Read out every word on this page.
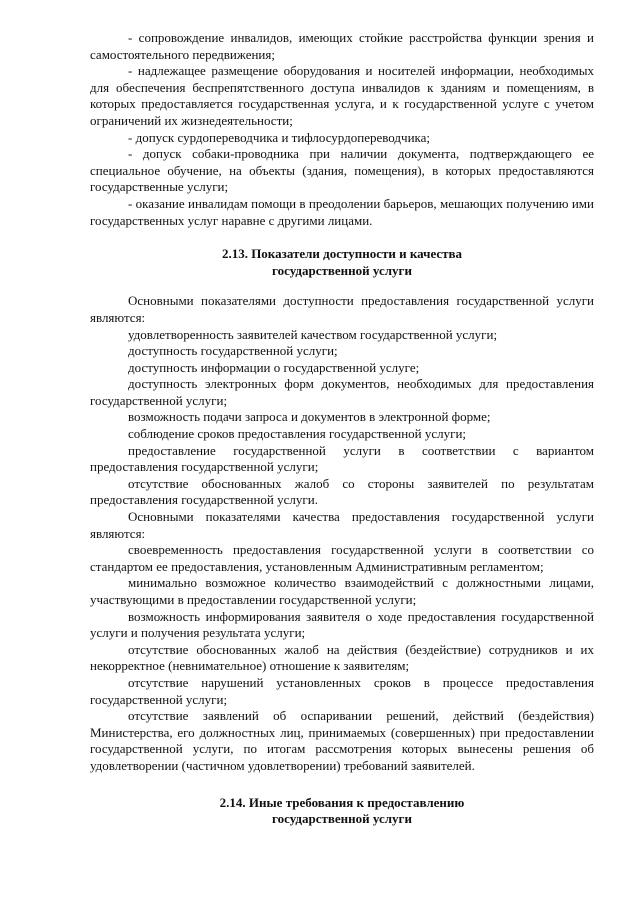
- сопровождение инвалидов, имеющих стойкие расстройства функции зрения и самостоятельного передвижения;

- надлежащее размещение оборудования и носителей информации, необходимых для обеспечения беспрепятственного доступа инвалидов к зданиям и помещениям, в которых предоставляется государственная услуга, и к государственной услуге с учетом ограничений их жизнедеятельности;

- допуск сурдопереводчика и тифлосурдопереводчика;

- допуск собаки-проводника при наличии документа, подтверждающего ее специальное обучение, на объекты (здания, помещения), в которых предоставляются государственные услуги;

- оказание инвалидам помощи в преодолении барьеров, мешающих получению ими государственных услуг наравне с другими лицами.

2.13. Показатели доступности и качества

государственной услуги

Основными показателями доступности предоставления государственной услуги являются:

удовлетворенность заявителей качеством государственной услуги;

доступность государственной услуги;

доступность информации о государственной услуге;

доступность электронных форм документов, необходимых для предоставления государственной услуги;

возможность подачи запроса и документов в электронной форме;

соблюдение сроков предоставления государственной услуги;

предоставление государственной услуги в соответствии с вариантом предоставления государственной услуги;

отсутствие обоснованных жалоб со стороны заявителей по результатам предоставления государственной услуги.

Основными показателями качества предоставления государственной услуги являются:

своевременность предоставления государственной услуги в соответствии со стандартом ее предоставления, установленным Административным регламентом;

минимально возможное количество взаимодействий с должностными лицами, участвующими в предоставлении государственной услуги;

возможность информирования заявителя о ходе предоставления государственной услуги и получения результата услуги;

отсутствие обоснованных жалоб на действия (бездействие) сотрудников и их некорректное (невнимательное) отношение к заявителям;

отсутствие нарушений установленных сроков в процессе предоставления государственной услуги;

отсутствие заявлений об оспаривании решений, действий (бездействия) Министерства, его должностных лиц, принимаемых (совершенных) при предоставлении государственной услуги, по итогам рассмотрения которых вынесены решения об удовлетворении (частичном удовлетворении) требований заявителей.

2.14. Иные требования к предоставлению

государственной услуги
